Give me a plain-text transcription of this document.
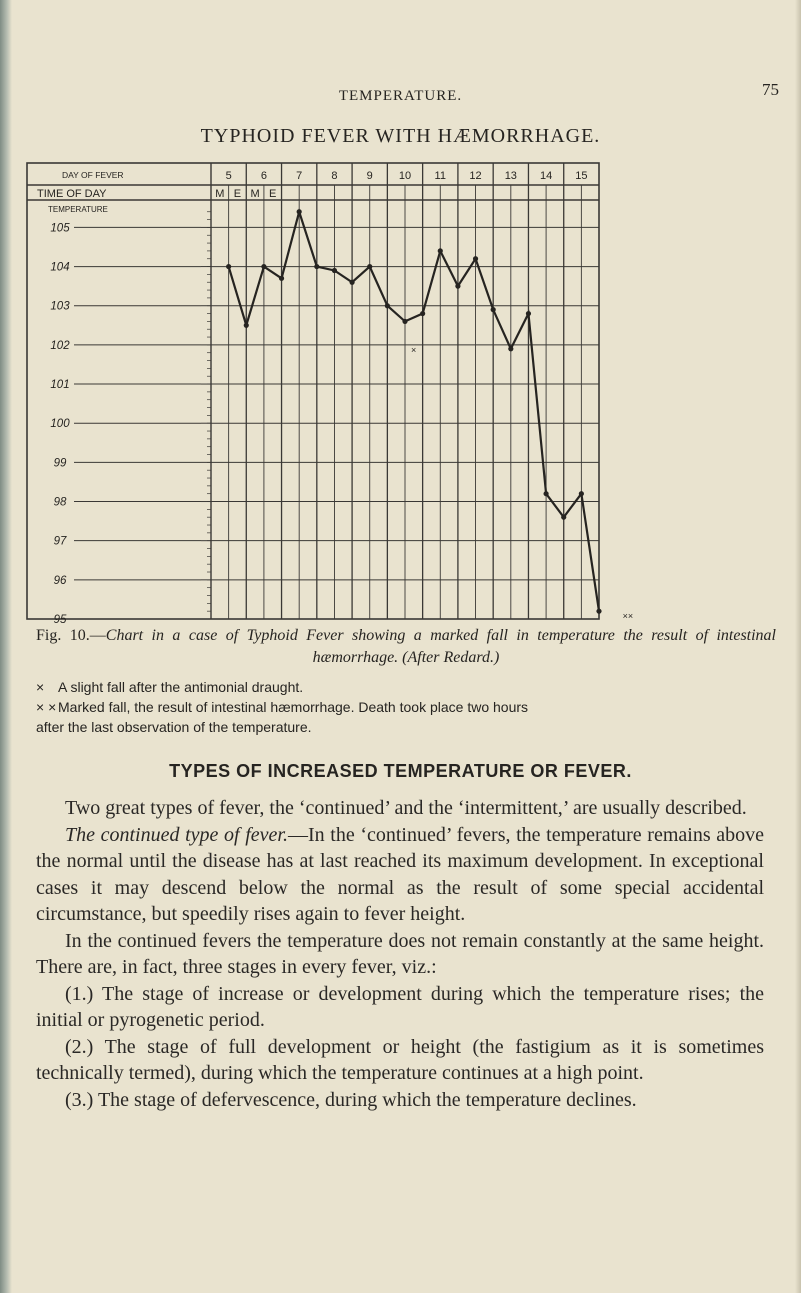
TEMPERATURE.	75
TYPHOID FEVER WITH HÆMORRHAGE.
DAY OF FEVER
TIME OF DAY
TEMPERATURE
5	6	7	8	9 10 11 12 13 14 15
M E M E
105
104
103
102
101
100
99
98
97
96
95
×
××
Fig. 10.—Chart in a case of Typhoid Fever showing a marked fall in temperature the result of intestinal hæmorrhage. (After Redard.)
× A slight fall after the antimonial draught.
× × Marked fall, the result of intestinal hæmorrhage. Death took place two hours
after the last observation of the temperature.
TYPES OF INCREASED TEMPERATURE OR FEVER.

Two great types of fever, the ‘continued’ and the ‘intermittent,’ are usually described.

The continued type of fever.—In the ‘continued’ fevers, the temperature remains above the normal until the disease has at last reached its maximum development. In exceptional cases it may descend below the normal as the result of some special accidental circumstance, but speedily rises again to fever height.

In the continued fevers the temperature does not remain constantly at the same height. There are, in fact, three stages in every fever, viz.:

(1.) The stage of increase or development during which the temperature rises; the initial or pyrogenetic period.

(2.) The stage of full development or height (the fastigium as it is sometimes technically termed), during which the temperature continues at a high point.

(3.) The stage of defervescence, during which the temperature declines.
